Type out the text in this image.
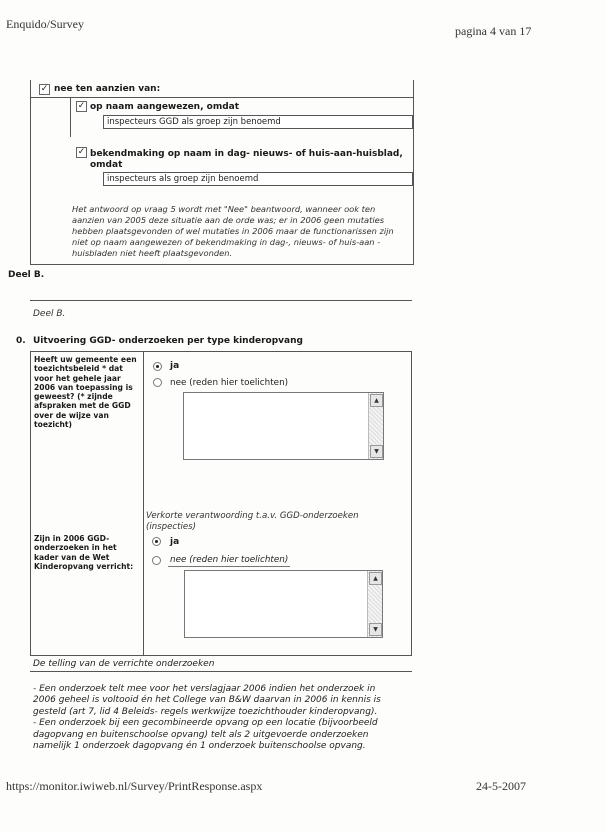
Enquido/Survey	pagina 4 van 17
✓ nee ten aanzien van:
✓ op naam aangewezen, omdat
inspecteurs GGD als groep zijn benoemd
✓ bekendmaking op naam in dag- nieuws- of huis-aan-huisblad,
omdat
inspecteurs als groep zijn benoemd
Het antwoord op vraag 5 wordt met "Nee" beantwoord, wanneer ook ten
aanzien van 2005 deze situatie aan de orde was; er in 2006 geen mutaties
hebben plaatsgevonden of wel mutaties in 2006 maar de functionarissen zijn
niet op naam aangewezen of bekendmaking in dag-, nieuws- of huis-aan -
huisbladen niet heeft plaatsgevonden.
Deel B.
Deel B.
0. Uitvoering GGD- onderzoeken per type kinderopvang
Heeft uw gemeente een
toezichtsbeleid * dat
voor het gehele jaar
2006 van toepassing is
geweest? (* zijnde
afspraken met de GGD
over de wijze van
toezicht)
ja
nee (reden hier toelichten)
▲
▼
Verkorte verantwoording t.a.v. GGD-onderzoeken
(inspecties)
Zijn in 2006 GGD-
onderzoeken in het
kader van de Wet
Kinderopvang verricht:
ja
nee (reden hier toelichten)
▲
▼
De telling van de verrichte onderzoeken
- Een onderzoek telt mee voor het verslagjaar 2006 indien het onderzoek in
2006 geheel is voltooid én het College van B&W daarvan in 2006 in kennis is
gesteld (art 7, lid 4 Beleids- regels werkwijze toezichthouder kinderopvang).
- Een onderzoek bij een gecombineerde opvang op een locatie (bijvoorbeeld
dagopvang en buitenschoolse opvang) telt als 2 uitgevoerde onderzoeken
namelijk 1 onderzoek dagopvang én 1 onderzoek buitenschoolse opvang.
https://monitor.iwiweb.nl/Survey/PrintResponse.aspx	24-5-2007
